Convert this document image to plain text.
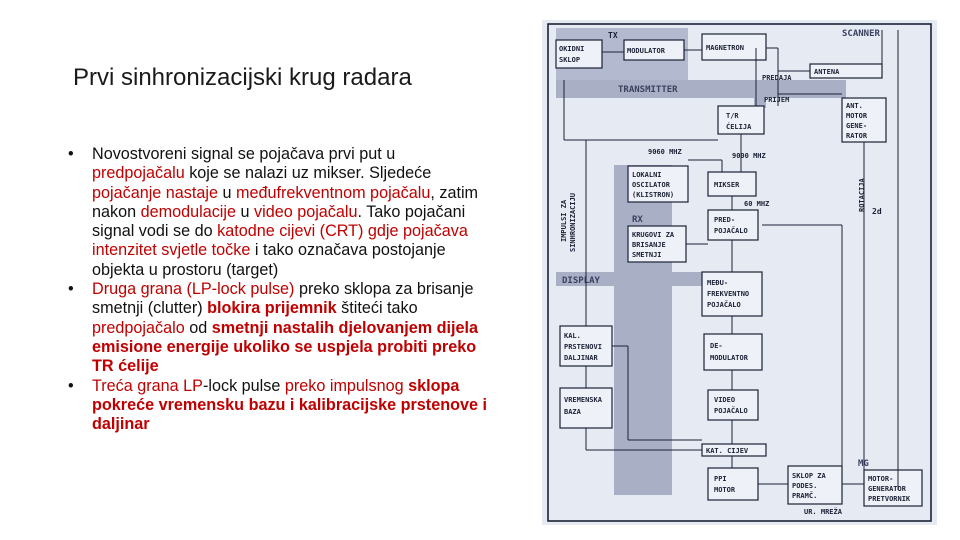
Prvi sinhronizacijski krug radara

• Novostvoreni signal se pojačava prvi put u predpojačalu koje se nalazi uz mikser. Sljedeće pojačanje nastaje u međufrekventnom pojačalu, zatim nakon demodulacije u video pojačalu. Tako pojačani signal vodi se do katodne cijevi (CRT) gdje pojačava intenzitet svjetle točke i tako označava postojanje objekta u prostoru (target)

• Druga grana (LP-lock pulse) preko sklopa za brisanje smetnji (clutter) blokira prijemnik štiteći tako predpojačalo od smetnji nastalih djelovanjem dijela emisione energije ukoliko se uspjela probiti preko TR ćelije

• Treća grana LP-lock pulse preko impulsnog sklopa pokreće vremensku bazu i kalibracijske prstenove i daljinar

SCANNER
TRANSMITTER
RX
DISPLAY
MG
TX
OKIDNI
SKLOP
MODULATOR	MAGNETRON
ANTENA
PREDAJA
PRIJEM
T/R
ĆELIJA
ANT.
MOTOR
GENE-
RATOR
9060 MHZ	9000 MHZ
60 MHZ
IMPULSI ZA SINHRONIZACIJU	ROTACIJA
LOKALNI
OSCILATOR
(KLISTRON)
MIKSER
PRED-
POJAČALO
KRUGOVI ZA
BRISANJE
SMETNJI
2d
MEĐU-
FREKVENTNO
POJAČALO
KAL.
PRSTENOVI
DALJINAR
DE-
MODULATOR
VREMENSKA
BAZA
VIDEO
POJAČALO
KAT. CIJEV
PPI
MOTOR
SKLOP ZA
PODES.
PRAMČ.
MOTOR-
GENERATOR
PRETVORNIK
UR. MREŽA
